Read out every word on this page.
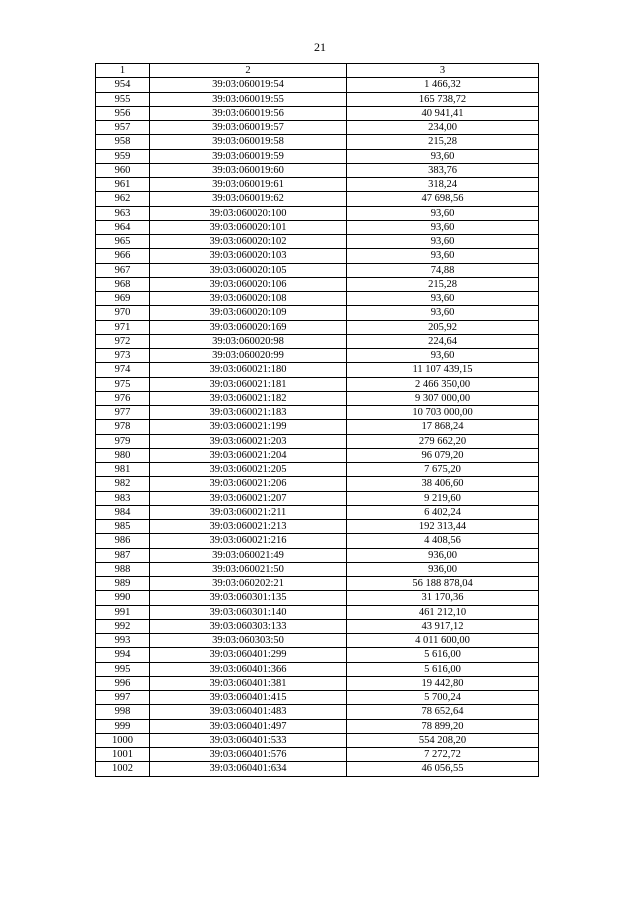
21
1	2	3
954	39:03:060019:54	1 466,32
955	39:03:060019:55	165 738,72
956	39:03:060019:56	40 941,41
957	39:03:060019:57	234,00
958	39:03:060019:58	215,28
959	39:03:060019:59	93,60
960	39:03:060019:60	383,76
961	39:03:060019:61	318,24
962	39:03:060019:62	47 698,56
963	39:03:060020:100	93,60
964	39:03:060020:101	93,60
965	39:03:060020:102	93,60
966	39:03:060020:103	93,60
967	39:03:060020:105	74,88
968	39:03:060020:106	215,28
969	39:03:060020:108	93,60
970	39:03:060020:109	93,60
971	39:03:060020:169	205,92
972	39:03:060020:98	224,64
973	39:03:060020:99	93,60
974	39:03:060021:180	11 107 439,15
975	39:03:060021:181	2 466 350,00
976	39:03:060021:182	9 307 000,00
977	39:03:060021:183	10 703 000,00
978	39:03:060021:199	17 868,24
979	39:03:060021:203	279 662,20
980	39:03:060021:204	96 079,20
981	39:03:060021:205	7 675,20
982	39:03:060021:206	38 406,60
983	39:03:060021:207	9 219,60
984	39:03:060021:211	6 402,24
985	39:03:060021:213	192 313,44
986	39:03:060021:216	4 408,56
987	39:03:060021:49	936,00
988	39:03:060021:50	936,00
989	39:03:060202:21	56 188 878,04
990	39:03:060301:135	31 170,36
991	39:03:060301:140	461 212,10
992	39:03:060303:133	43 917,12
993	39:03:060303:50	4 011 600,00
994	39:03:060401:299	5 616,00
995	39:03:060401:366	5 616,00
996	39:03:060401:381	19 442,80
997	39:03:060401:415	5 700,24
998	39:03:060401:483	78 652,64
999	39:03:060401:497	78 899,20
1000	39:03:060401:533	554 208,20
1001	39:03:060401:576	7 272,72
1002	39:03:060401:634	46 056,55
